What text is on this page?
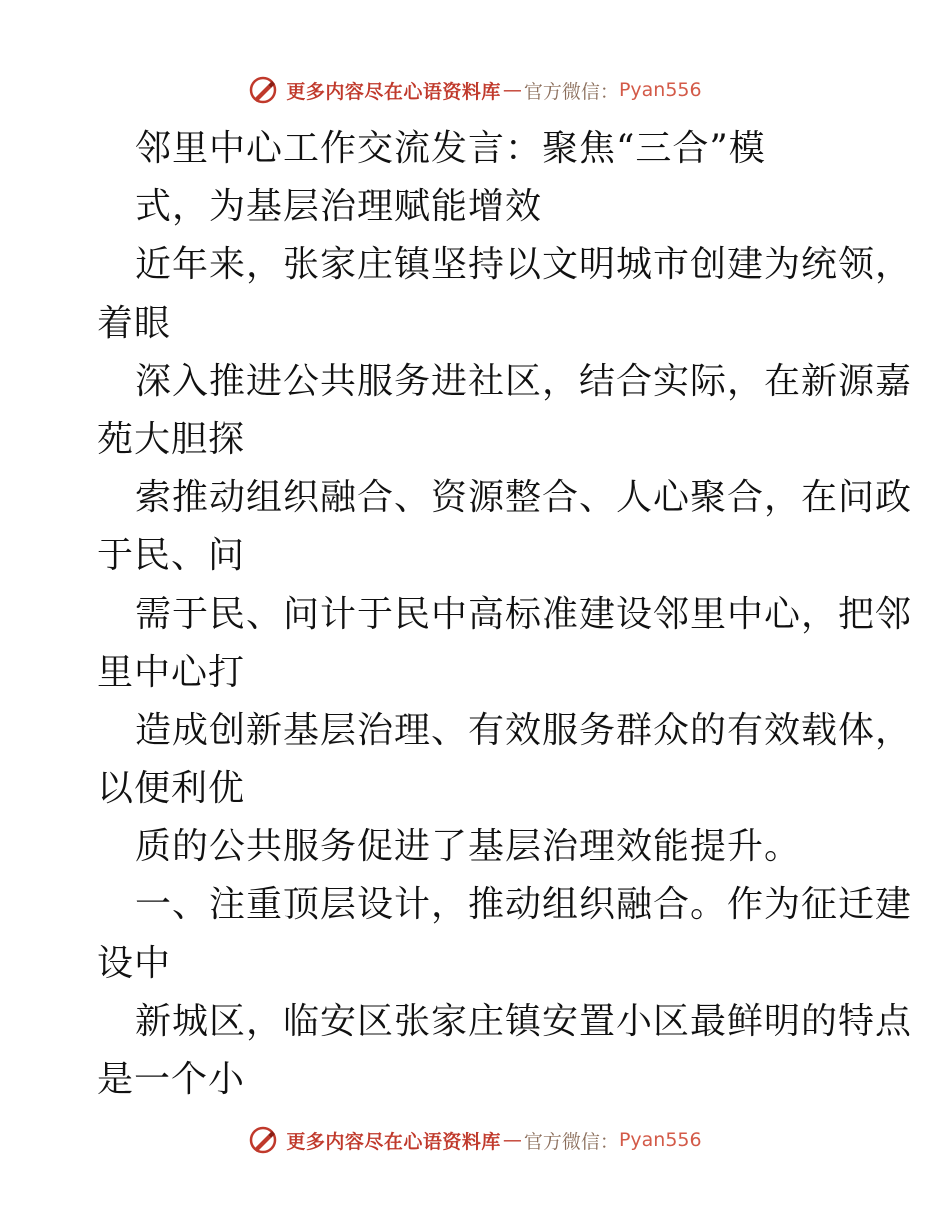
更多内容尽在心语资料库 — 官方微信： Pyan556
邻里中心工作交流发言：聚焦“三合”模
式，为基层治理赋能增效
近年来，张家庄镇坚持以文明城市创建为统领，
着眼
深入推进公共服务进社区，结合实际，在新源嘉
苑大胆探
索推动组织融合、资源整合、人心聚合，在问政
于民、问
需于民、问计于民中高标准建设邻里中心，把邻
里中心打
造成创新基层治理、有效服务群众的有效载体，
以便利优
质的公共服务促进了基层治理效能提升。
一、注重顶层设计，推动组织融合。作为征迁建
设中
新城区，临安区张家庄镇安置小区最鲜明的特点
是一个小
更多内容尽在心语资料库 — 官方微信： Pyan556
